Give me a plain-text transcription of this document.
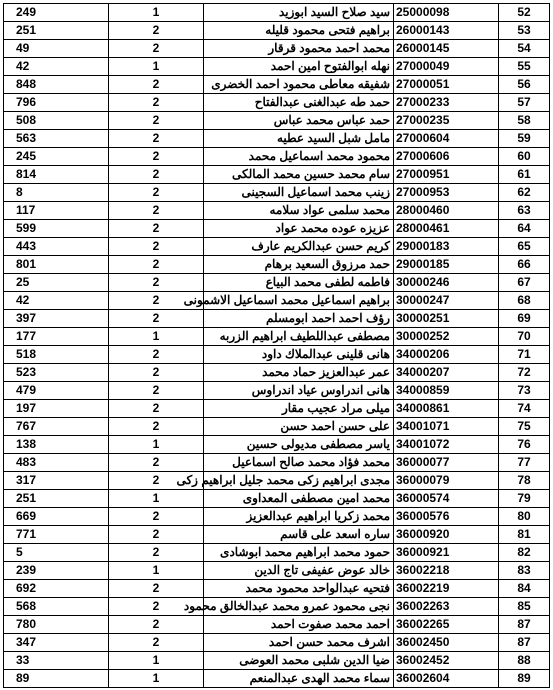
249	1	سيد صلاح السيد ابوزيد	25000098	52
251	2	براهيم فتحى محمود قليله	26000143	53
49	2	محمد احمد محمود قرقار	26000145	54
42	1	نهله ابوالفتوح امين احمد	27000049	55
848	2	شفيقه معاطى محمود احمد الخضرى	27000051	56
796	2	حمد طه عبدالغنى عبدالفتاح	27000233	57
508	2	حمد عباس محمد عباس	27000235	58
563	2	مامل شبل السيد عطيه	27000604	59
245	2	محمود محمد اسماعيل محمد	27000606	60
814	2	سام محمد حسين محمد المالكى	27000951	61
8	2	زينب محمد اسماعيل السجينى	27000953	62
117	2	محمد سلمى عواد سلامه	28000460	63
599	2	عزيزه عوده محمد عواد	28000461	64
443	2	كريم حسن عبدالكريم عارف	29000183	65
801	2	حمد مرزوق السعيد برهام	29000185	66
25	2	فاطمه لطفى محمد البياع	30000246	67
42	2	براهيم اسماعيل محمد اسماعيل الاشمونى	30000247	68
397	2	رؤف احمد احمد ابومسلم	30000251	69
177	1	مصطفى عبداللطيف ابراهيم الزربه	30000252	70
518	2	هانى قلينى عبدالملاك داود	34000206	71
523	2	عمر عبدالعزيز حماد محمد	34000207	72
479	2	هانى اندراوس عياد اندراوس	34000859	73
197	2	ميلى مراد عجيب مقار	34000861	74
767	2	على حسن احمد حسن	34001071	75
138	1	ياسر مصطفى مديولى حسين	34001072	76
483	2	محمد فؤاد محمد صالح اسماعيل	36000077	77
317	2	مجدى ابراهيم زكى محمد جليل ابراهيم زكى	36000079	78
251	1	محمد امين مصطفى المعداوى	36000574	79
669	2	محمد زكريا ابراهيم عبدالعزيز	36000576	80
771	2	ساره اسعد على قاسم	36000920	81
5	2	حمود محمد ابراهيم محمد ابوشادى	36000921	82
239	1	خالد عوض عفيفى تاج الدين	36002218	83
692	2	فتحيه عبدالواحد محمود محمد	36002219	84
568	2	نجى محمود عمرو محمد عبدالخالق محمود	36002263	85
780	2	احمد محمد صفوت احمد	36002265	87
347	2	اشرف محمد حسن احمد	36002450	87
33	1	ضيا الدين شلبى محمد العوضى	36002452	88
89	1	سماء محمد الهدى عبدالمنعم	36002604	89
